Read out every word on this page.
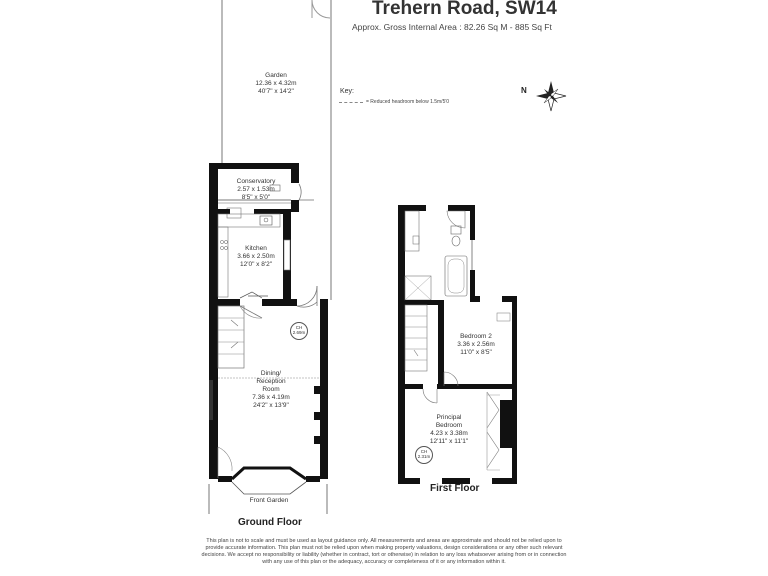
Trehern Road, SW14
Approx. Gross Internal Area : 82.26 Sq M - 885 Sq Ft
Key:
= Reduced headroom below 1.5m/5'0
Garden
12.36 x 4.32m
40'7" x 14'2"
Conservatory
2.57 x 1.53m
8'5" x 5'0"
Kitchen
3.66 x 2.50m
12'0" x 8'2"
Dining/
Reception
Room
7.36 x 4.19m
24'2" x 13'9"
CH
2.69m
Front Garden
Ground Floor
Bedroom 2
3.36 x 2.56m
11'0" x 8'5"
Principal
Bedroom
4.23 x 3.38m
12'11" x 11'1"
CH
2.31m
First Floor
N
This plan is not to scale and must be used as layout guidance only. All measurements and areas are approximate and should not be relied upon to provide accurate information. This plan must not be relied upon when making property valuations, design considerations or any other such relevant decisions. We accept no responsibility or liability (whether in contract, tort or otherwise) in relation to any loss whatsoever arising from or in connection with any use of this plan or the adequacy, accuracy or completeness of it or any information within it.
